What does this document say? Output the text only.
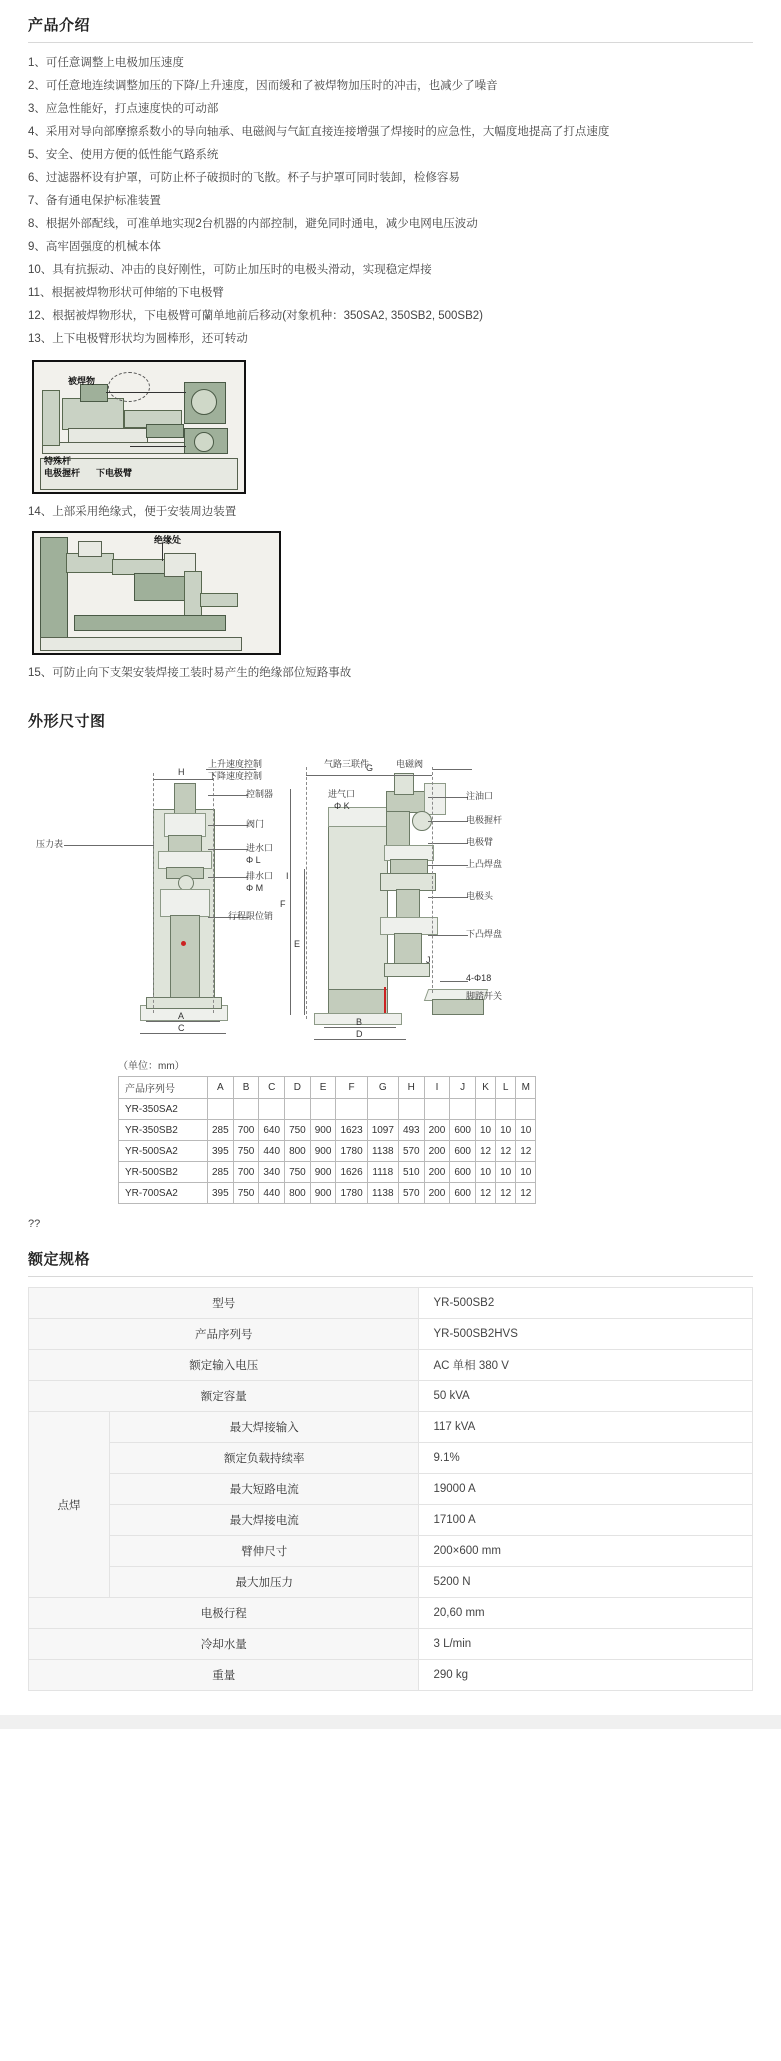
产品介绍
1、可任意调整上电极加压速度
2、可任意地连续调整加压的下降/上升速度，因而缓和了被焊物加压时的冲击，也减少了噪音
3、应急性能好，打点速度快的可动部
4、采用对导向部摩擦系数小的导向轴承、电磁阀与气缸直接连接增强了焊接时的应急性，大幅度地提高了打点速度
5、安全、使用方便的低性能气路系统
6、过滤器杯设有护罩，可防止杯子破损时的飞散。杯子与护罩可同时装卸，检修容易
7、备有通电保护标准装置
8、根据外部配线，可准单地实现2台机器的内部控制，避免同时通电，减少电网电压波动
9、高牢固强度的机械本体
10、具有抗振动、冲击的良好刚性，可防止加压时的电极头滑动，实现稳定焊接
11、根据被焊物形状可伸缩的下电极臂
12、根据被焊物形状，下电极臂可蘭单地前后移动(对象机种：350SA2, 350SB2, 500SB2)
13、上下电极臂形状均为圆棒形，还可转动
被焊物
特殊杆
电极握杆 下电极臂
14、上部采用绝缘式，便于安装周边装置
绝缘处
15、可防止向下支架安装焊接工装时易产生的绝缘部位短路事故
外形尺寸图
H
A
C
压力表
上升速度控制
下降速度控制
控制器
阀门
进水口
Φ L
排水口
Φ M
行程限位销
气路三联件	电磁阀
进气口
Φ K
注油口
电极握杆
电极臂
上凸焊盘
电极头
下凸焊盘
4-Φ18
脚踏开关
G
B
D
F
E
I
J
（单位：mm）
产品序列号	A	B	C	D	E	F	G	H	I	J	K	L	M
YR-350SA2													
YR-350SB2	285	700	640	750	900	1623	1097	493	200	600	10	10	10
YR-500SA2	395	750	440	800	900	1780	1138	570	200	600	12	12	12
YR-500SB2	285	700	340	750	900	1626	1118	510	200	600	10	10	10
YR-700SA2	395	750	440	800	900	1780	1138	570	200	600	12	12	12
??
额定规格
型号		YR-500SB2
产品序列号		YR-500SB2HVS
额定输入电压		AC 单相 380 V
额定容量		50 kVA
点焊	最大焊接输入	117 kVA
	额定负载持续率	9.1%
	最大短路电流	19000 A
	最大焊接电流	17100 A
	臂伸尺寸	200×600 mm
	最大加压力	5200 N
电极行程		20,60 mm
冷却水量		3 L/min
重量		290 kg
